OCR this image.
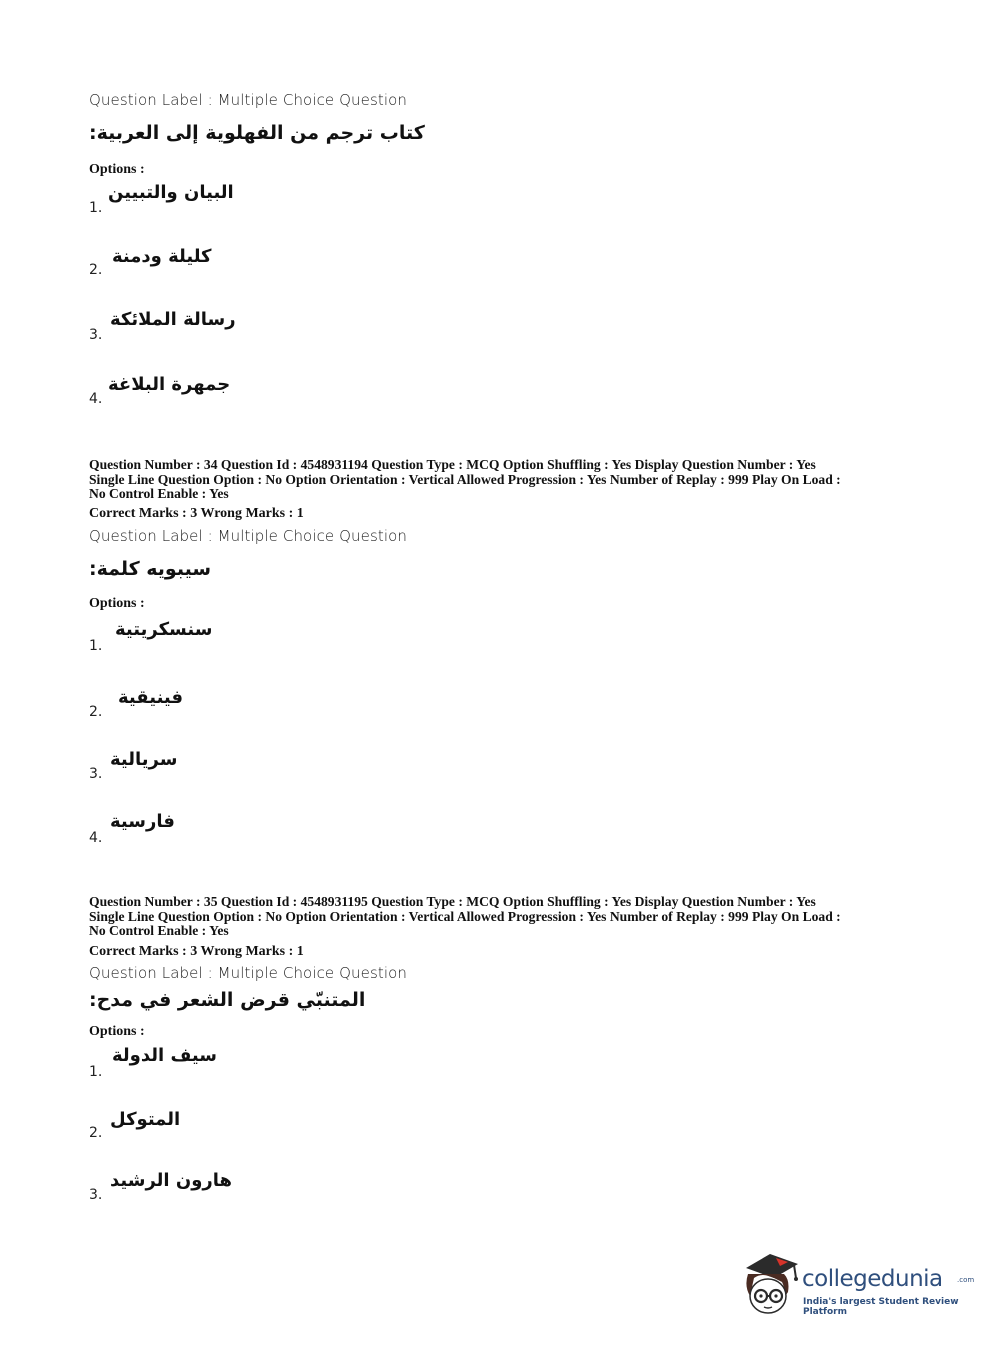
Question Label : Multiple Choice Question
كتاب ترجم من الفهلوية إلى العربية:
Options :
1.
البيان والتبيين
2.
كليلة ودمنة
3.
رسالة الملائكة
4.
جمهرة البلاغة
Question Number : 34 Question Id : 4548931194 Question Type : MCQ Option Shuffling : Yes Display Question Number : Yes
Single Line Question Option : No Option Orientation : Vertical Allowed Progression : Yes Number of Replay : 999 Play On Load :
No Control Enable : Yes
Correct Marks : 3 Wrong Marks : 1
Question Label : Multiple Choice Question
سيبويه كلمة:
Options :
1.
سنسكريتية
2.
فينيقية
3.
سريالية
4.
فارسية
Question Number : 35 Question Id : 4548931195 Question Type : MCQ Option Shuffling : Yes Display Question Number : Yes
Single Line Question Option : No Option Orientation : Vertical Allowed Progression : Yes Number of Replay : 999 Play On Load :
No Control Enable : Yes
Correct Marks : 3 Wrong Marks : 1
Question Label : Multiple Choice Question
المتنبّي قرض الشعر في مدح:
Options :
1.
سيف الدولة
2.
المتوكل
3.
هارون الرشيد
collegedunia .com
India's largest Student Review Platform
